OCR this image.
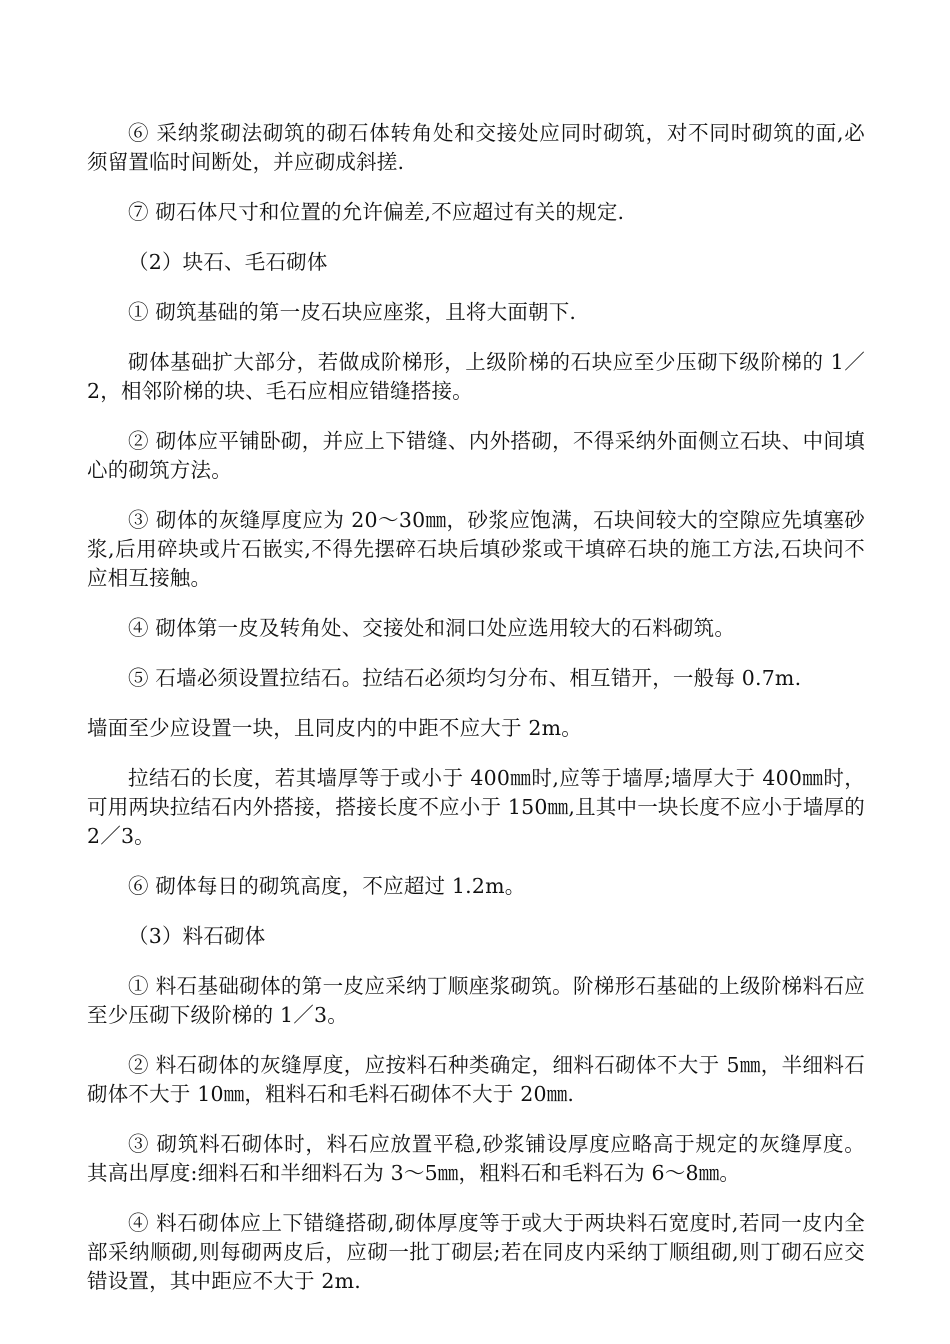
⑥ 采纳浆砌法砌筑的砌石体转角处和交接处应同时砌筑，对不同时砌筑的面,必须留置临时间断处，并应砌成斜搓.

⑦ 砌石体尺寸和位置的允许偏差,不应超过有关的规定.

（2）块石、毛石砌体

① 砌筑基础的第一皮石块应座浆，且将大面朝下.

砌体基础扩大部分，若做成阶梯形，上级阶梯的石块应至少压砌下级阶梯的 1／2，相邻阶梯的块、毛石应相应错缝搭接。

② 砌体应平铺卧砌，并应上下错缝、内外搭砌，不得采纳外面侧立石块、中间填心的砌筑方法。

③ 砌体的灰缝厚度应为 20～30㎜，砂浆应饱满，石块间较大的空隙应先填塞砂浆,后用碎块或片石嵌实,不得先摆碎石块后填砂浆或干填碎石块的施工方法,石块问不应相互接触。

④ 砌体第一皮及转角处、交接处和洞口处应选用较大的石料砌筑。

⑤ 石墙必须设置拉结石。拉结石必须均匀分布、相互错开，一般每 0.7m.

墙面至少应设置一块，且同皮内的中距不应大于 2m。

拉结石的长度，若其墙厚等于或小于 400㎜时,应等于墙厚;墙厚大于 400㎜时，可用两块拉结石内外搭接，搭接长度不应小于 150㎜,且其中一块长度不应小于墙厚的 2／3。

⑥ 砌体每日的砌筑高度，不应超过 1.2m。

（3）料石砌体

① 料石基础砌体的第一皮应采纳丁顺座浆砌筑。阶梯形石基础的上级阶梯料石应至少压砌下级阶梯的 1／3。

② 料石砌体的灰缝厚度，应按料石种类确定，细料石砌体不大于 5㎜，半细料石砌体不大于 10㎜，粗料石和毛料石砌体不大于 20㎜.

③ 砌筑料石砌体时，料石应放置平稳,砂浆铺设厚度应略高于规定的灰缝厚度。其高出厚度:细料石和半细料石为 3～5㎜，粗料石和毛料石为 6～8㎜。

④ 料石砌体应上下错缝搭砌,砌体厚度等于或大于两块料石宽度时,若同一皮内全部采纳顺砌,则每砌两皮后，应砌一批丁砌层;若在同皮内采纳丁顺组砌,则丁砌石应交错设置，其中距应不大于 2m.
